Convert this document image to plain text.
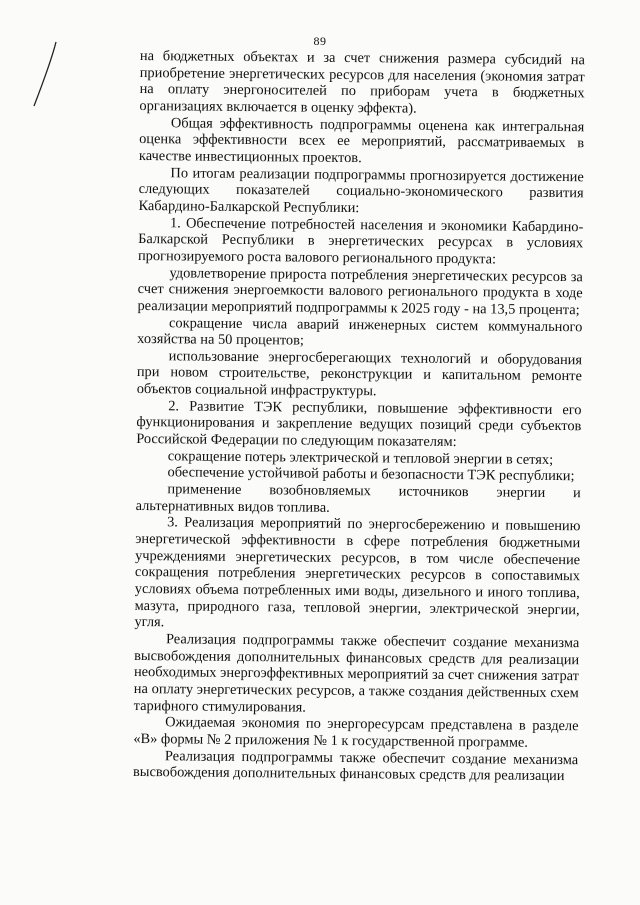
89

на бюджетных объектах и за счет снижения размера субсидий на приобретение энергетических ресурсов для населения (экономия затрат на оплату энергоносителей по приборам учета в бюджетных организациях включается в оценку эффекта).

Общая эффективность подпрограммы оценена как интегральная оценка эффективности всех ее мероприятий, рассматриваемых в качестве инвестиционных проектов.

По итогам реализации подпрограммы прогнозируется достижение следующих показателей социально-экономического развития Кабардино-Балкарской Республики:

1. Обеспечение потребностей населения и экономики Кабардино-Балкарской Республики в энергетических ресурсах в условиях прогнозируемого роста валового регионального продукта:

удовлетворение прироста потребления энергетических ресурсов за счет снижения энергоемкости валового регионального продукта в ходе реализации мероприятий подпрограммы к 2025 году - на 13,5 процента;

сокращение числа аварий инженерных систем коммунального хозяйства на 50 процентов;

использование энергосберегающих технологий и оборудования при новом строительстве, реконструкции и капитальном ремонте объектов социальной инфраструктуры.

2. Развитие ТЭК республики, повышение эффективности его функционирования и закрепление ведущих позиций среди субъектов Российской Федерации по следующим показателям:

сокращение потерь электрической и тепловой энергии в сетях;

обеспечение устойчивой работы и безопасности ТЭК республики;

применение возобновляемых источников энергии и альтернативных видов топлива.

3. Реализация мероприятий по энергосбережению и повышению энергетической эффективности в сфере потребления бюджетными учреждениями энергетических ресурсов, в том числе обеспечение сокращения потребления энергетических ресурсов в сопоставимых условиях объема потребленных ими воды, дизельного и иного топлива, мазута, природного газа, тепловой энергии, электрической энергии, угля.

Реализация подпрограммы также обеспечит создание механизма высвобождения дополнительных финансовых средств для реализации необходимых энергоэффективных мероприятий за счет снижения затрат на оплату энергетических ресурсов, а также создания действенных схем тарифного стимулирования.

Ожидаемая экономия по энергоресурсам представлена в разделе «В» формы № 2 приложения № 1 к государственной программе.

Реализация подпрограммы также обеспечит создание механизма высвобождения дополнительных финансовых средств для реализации
